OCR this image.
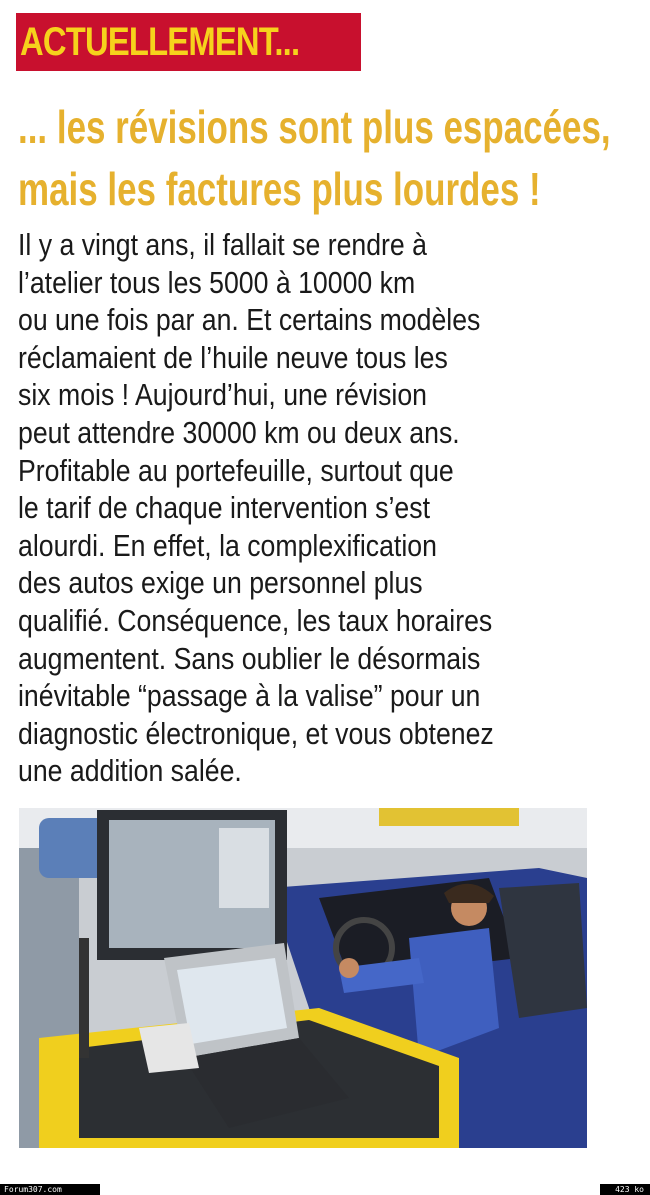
ACTUELLEMENT...
... les révisions sont plus espacées,
mais les factures plus lourdes !
Il y a vingt ans, il fallait se rendre à
l’atelier tous les 5000 à 10000 km
ou une fois par an. Et certains modèles
réclamaient de l’huile neuve tous les
six mois ! Aujourd’hui, une révision
peut attendre 30000 km ou deux ans.
Profitable au portefeuille, surtout que
le tarif de chaque intervention s’est
alourdi. En effet, la complexification
des autos exige un personnel plus
qualifié. Conséquence, les taux horaires
augmentent. Sans oublier le désormais
inévitable “passage à la valise” pour un
diagnostic électronique, et vous obtenez
une addition salée.
Forum307.com	423 ko
